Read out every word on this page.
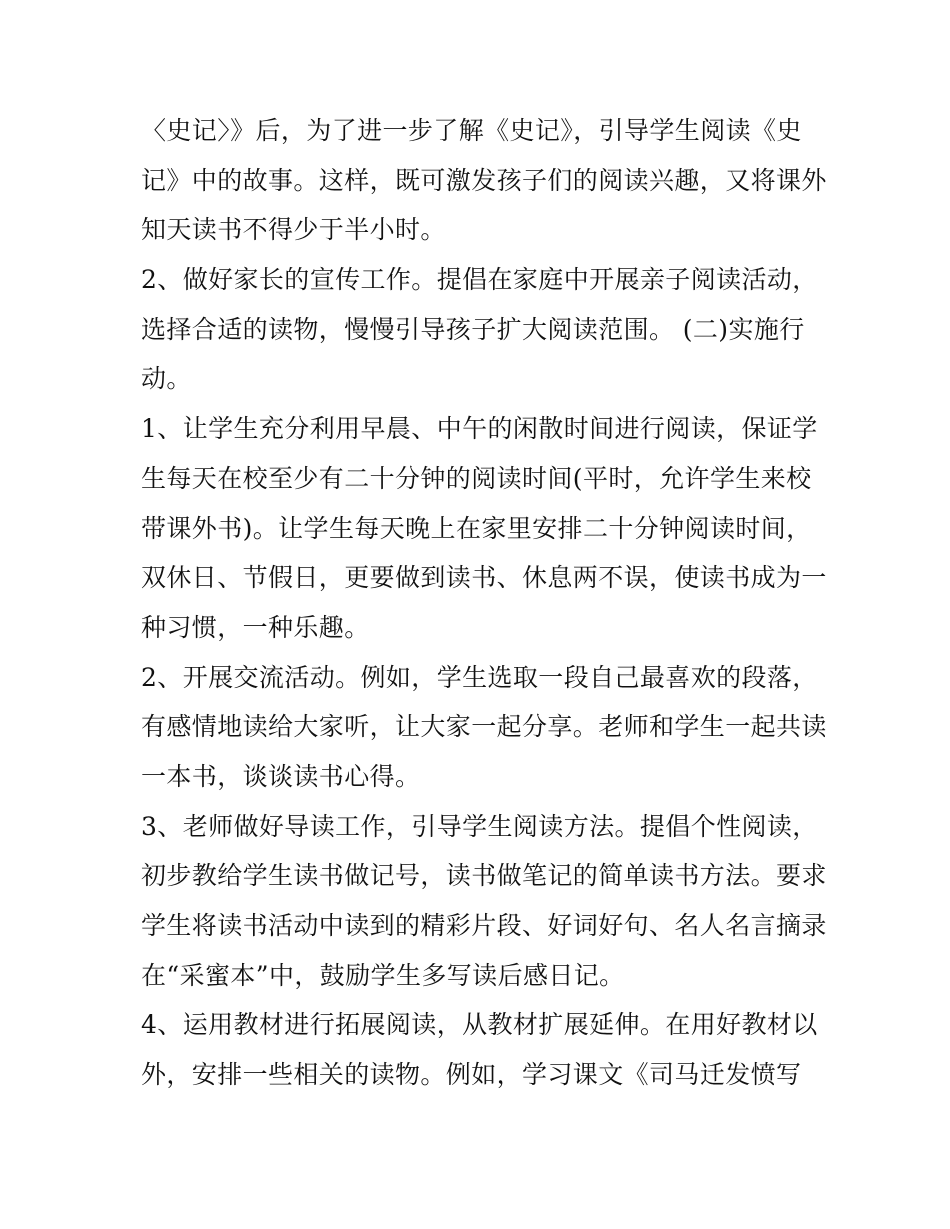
〈史记〉》后，为了进一步了解《史记》，引导学生阅读《史
记》中的故事。这样，既可激发孩子们的阅读兴趣，又将课外
知天读书不得少于半小时。
2、做好家长的宣传工作。提倡在家庭中开展亲子阅读活动，
选择合适的读物，慢慢引导孩子扩大阅读范围。 (二)实施行
动。
1、让学生充分利用早晨、中午的闲散时间进行阅读，保证学
生每天在校至少有二十分钟的阅读时间(平时，允许学生来校
带课外书)。让学生每天晚上在家里安排二十分钟阅读时间，
双休日、节假日，更要做到读书、休息两不误，使读书成为一
种习惯，一种乐趣。
2、开展交流活动。例如，学生选取一段自己最喜欢的段落，
有感情地读给大家听，让大家一起分享。老师和学生一起共读
一本书，谈谈读书心得。
3、老师做好导读工作，引导学生阅读方法。提倡个性阅读，
初步教给学生读书做记号，读书做笔记的简单读书方法。要求
学生将读书活动中读到的精彩片段、好词好句、名人名言摘录
在“采蜜本”中，鼓励学生多写读后感日记。
4、运用教材进行拓展阅读，从教材扩展延伸。在用好教材以
外，安排一些相关的读物。例如，学习课文《司马迁发愤写
